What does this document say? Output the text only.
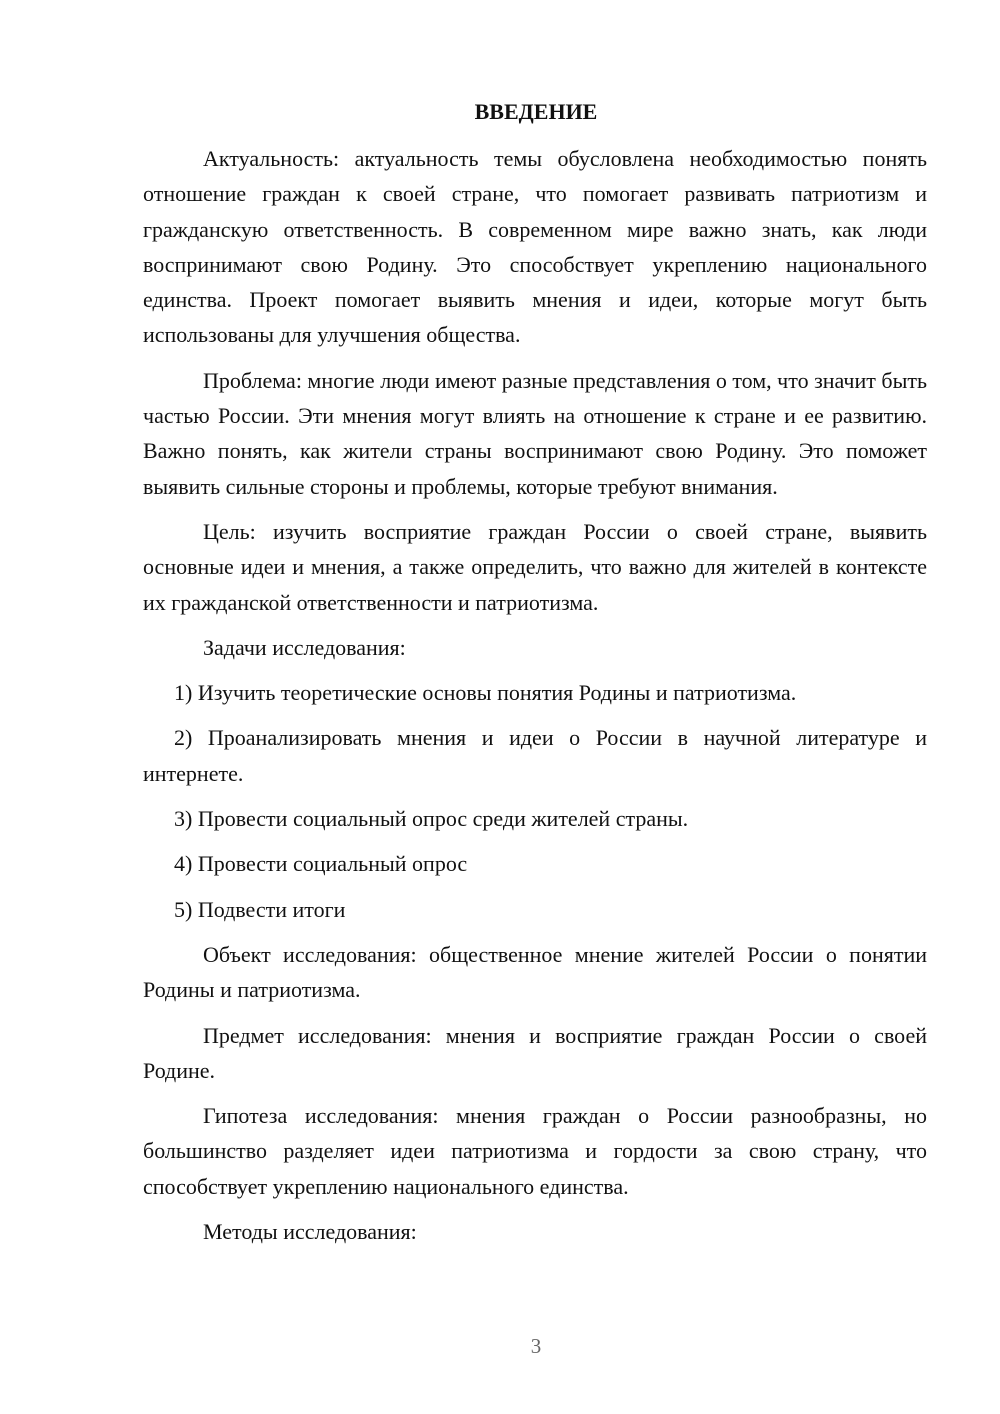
ВВЕДЕНИЕ

Актуальность: актуальность темы обусловлена необходимостью понять отношение граждан к своей стране, что помогает развивать патриотизм и гражданскую ответственность. В современном мире важно знать, как люди воспринимают свою Родину. Это способствует укреплению национального единства. Проект помогает выявить мнения и идеи, которые могут быть использованы для улучшения общества.

Проблема: многие люди имеют разные представления о том, что значит быть частью России. Эти мнения могут влиять на отношение к стране и ее развитию. Важно понять, как жители страны воспринимают свою Родину. Это поможет выявить сильные стороны и проблемы, которые требуют внимания.

Цель: изучить восприятие граждан России о своей стране, выявить основные идеи и мнения, а также определить, что важно для жителей в контексте их гражданской ответственности и патриотизма.

Задачи исследования:

1) Изучить теоретические основы понятия Родины и патриотизма.

2) Проанализировать мнения и идеи о России в научной литературе и интернете.

3) Провести социальный опрос среди жителей страны.

4) Провести социальный опрос

5) Подвести итоги

Объект исследования: общественное мнение жителей России о понятии Родины и патриотизма.

Предмет исследования: мнения и восприятие граждан России о своей Родине.

Гипотеза исследования: мнения граждан о России разнообразны, но большинство разделяет идеи патриотизма и гордости за свою страну, что способствует укреплению национального единства.

Методы исследования:

3
